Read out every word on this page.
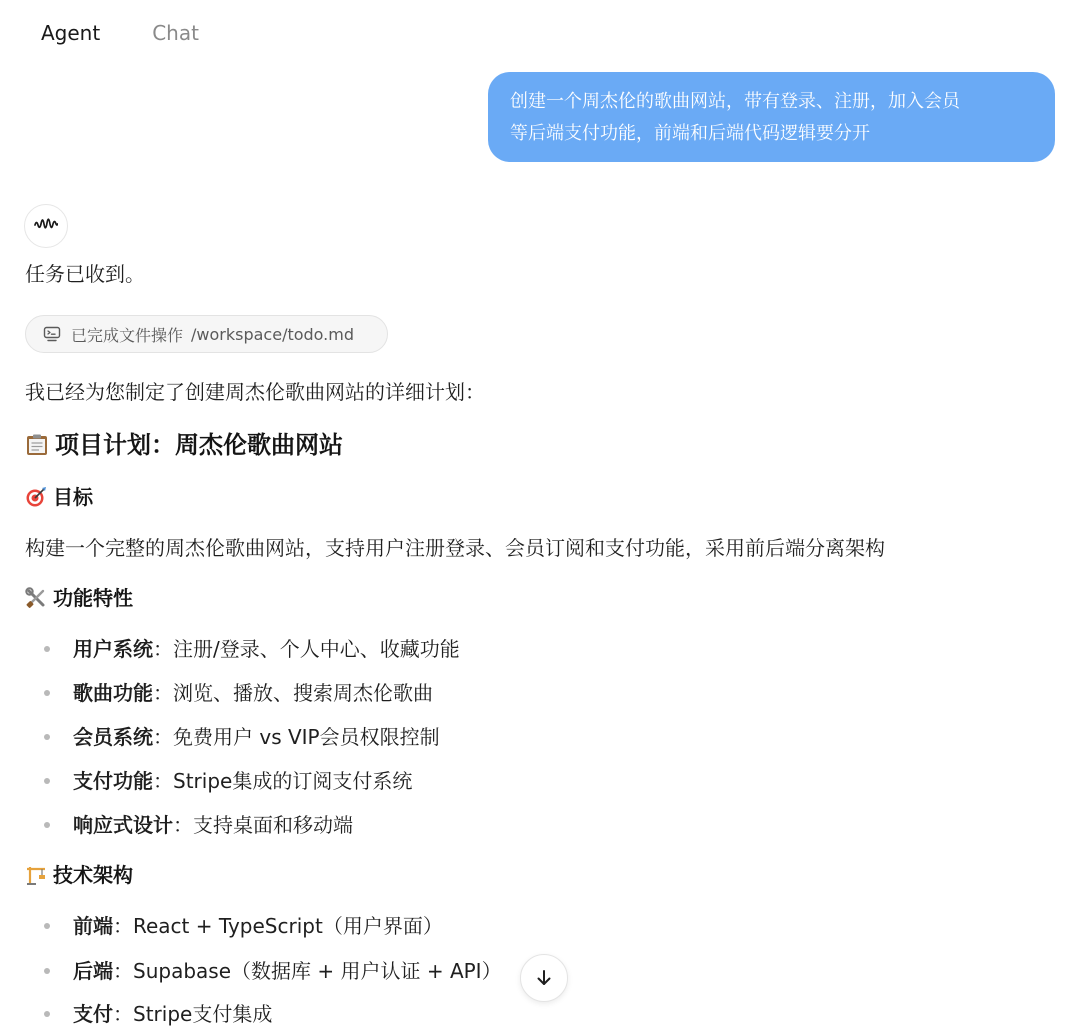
Agent	Chat
创建一个周杰伦的歌曲网站，带有登录、注册，加入会员
等后端支付功能，前端和后端代码逻辑要分开
任务已收到。
已完成文件操作 /workspace/todo.md
我已经为您制定了创建周杰伦歌曲网站的详细计划：
项目计划：周杰伦歌曲网站
目标
构建一个完整的周杰伦歌曲网站，支持用户注册登录、会员订阅和支付功能，采用前后端分离架构
功能特性
用户系统：注册/登录、个人中心、收藏功能
歌曲功能：浏览、播放、搜索周杰伦歌曲
会员系统：免费用户 vs VIP会员权限控制
支付功能：Stripe集成的订阅支付系统
响应式设计：支持桌面和移动端
技术架构
前端：React + TypeScript（用户界面）
后端：Supabase（数据库 + 用户认证 + API）
支付：Stripe支付集成
